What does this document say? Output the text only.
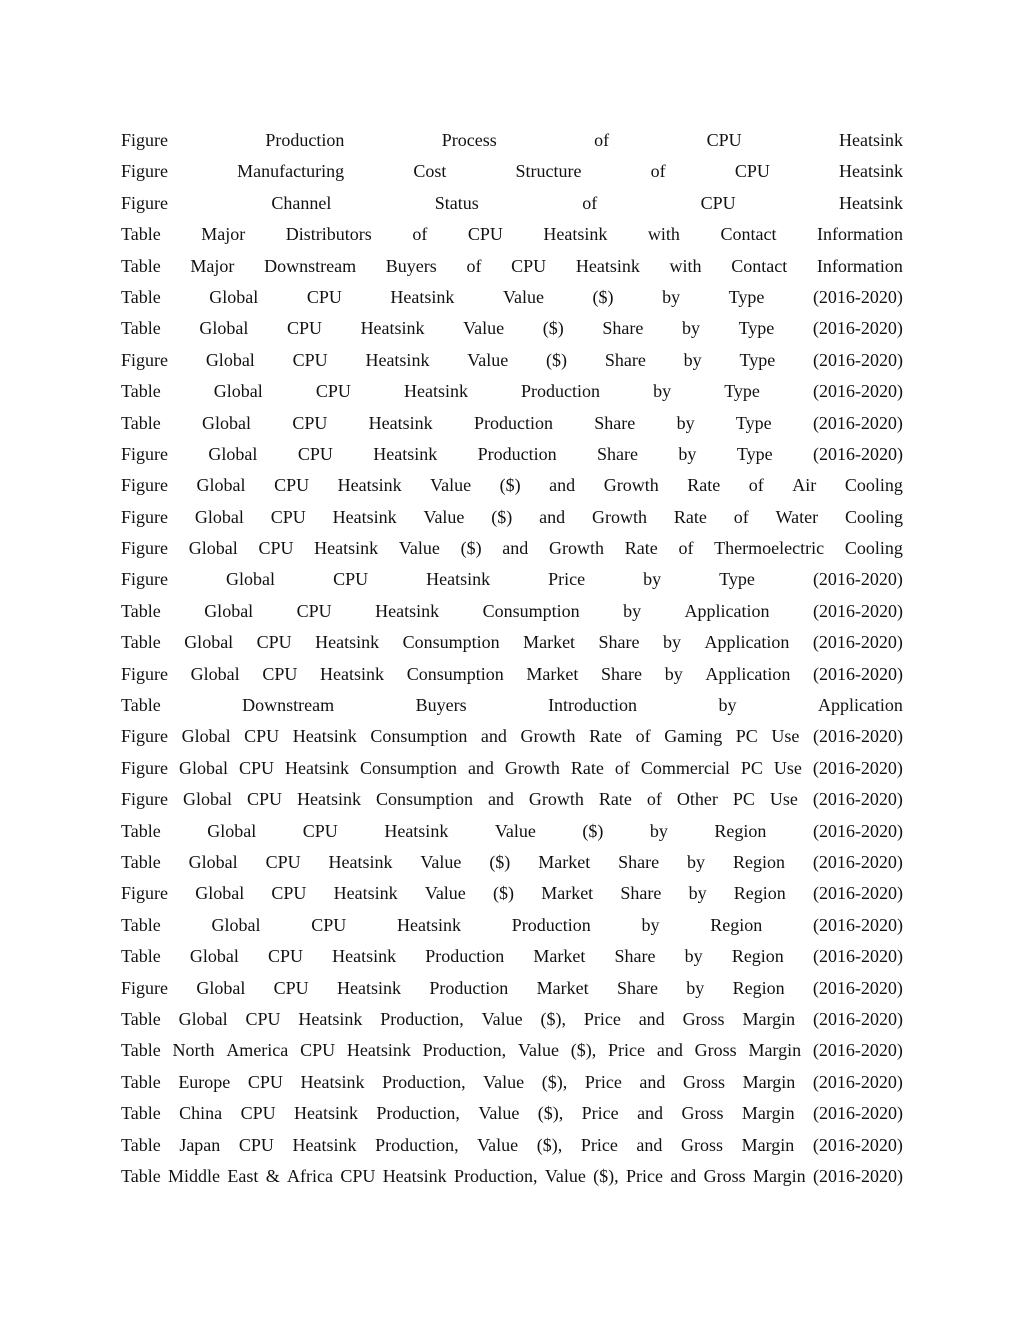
Figure	Production	Process	of	CPU	Heatsink
Figure	Manufacturing	Cost	Structure	of	CPU	Heatsink
Figure	Channel	Status	of	CPU	Heatsink
Table Major Distributors of CPU Heatsink with Contact Information
Table Major Downstream Buyers of CPU Heatsink with Contact Information
Table	Global	CPU	Heatsink	Value	($)	by	Type	(2016-2020)
Table Global CPU Heatsink Value ($) Share by Type (2016-2020)
Figure Global CPU Heatsink Value ($) Share by Type (2016-2020)
Table	Global	CPU	Heatsink	Production	by	Type	(2016-2020)
Table Global CPU Heatsink Production Share by Type (2016-2020)
Figure Global CPU Heatsink Production Share by Type (2016-2020)
Figure Global CPU Heatsink Value ($) and Growth Rate of Air Cooling
Figure Global CPU Heatsink Value ($) and Growth Rate of Water Cooling
Figure Global CPU Heatsink Value ($) and Growth Rate of Thermoelectric Cooling
Figure	Global	CPU	Heatsink	Price	by	Type	(2016-2020)
Table Global CPU Heatsink Consumption by Application (2016-2020)
Table Global CPU Heatsink Consumption Market Share by Application (2016-2020)
Figure Global CPU Heatsink Consumption Market Share by Application (2016-2020)
Table	Downstream	Buyers	Introduction	by	Application
Figure Global CPU Heatsink Consumption and Growth Rate of Gaming PC Use (2016-2020)
Figure Global CPU Heatsink Consumption and Growth Rate of Commercial PC Use (2016-2020)
Figure Global CPU Heatsink Consumption and Growth Rate of Other PC Use (2016-2020)
Table	Global	CPU	Heatsink	Value	($)	by	Region	(2016-2020)
Table Global CPU Heatsink Value ($) Market Share by Region (2016-2020)
Figure Global CPU Heatsink Value ($) Market Share by Region (2016-2020)
Table	Global	CPU	Heatsink	Production	by	Region	(2016-2020)
Table Global CPU Heatsink Production Market Share by Region (2016-2020)
Figure Global CPU Heatsink Production Market Share by Region (2016-2020)
Table Global CPU Heatsink Production, Value ($), Price and Gross Margin (2016-2020)
Table North America CPU Heatsink Production, Value ($), Price and Gross Margin (2016-2020)
Table Europe CPU Heatsink Production, Value ($), Price and Gross Margin (2016-2020)
Table China CPU Heatsink Production, Value ($), Price and Gross Margin (2016-2020)
Table Japan CPU Heatsink Production, Value ($), Price and Gross Margin (2016-2020)
Table Middle East & Africa CPU Heatsink Production, Value ($), Price and Gross Margin (2016-2020)
